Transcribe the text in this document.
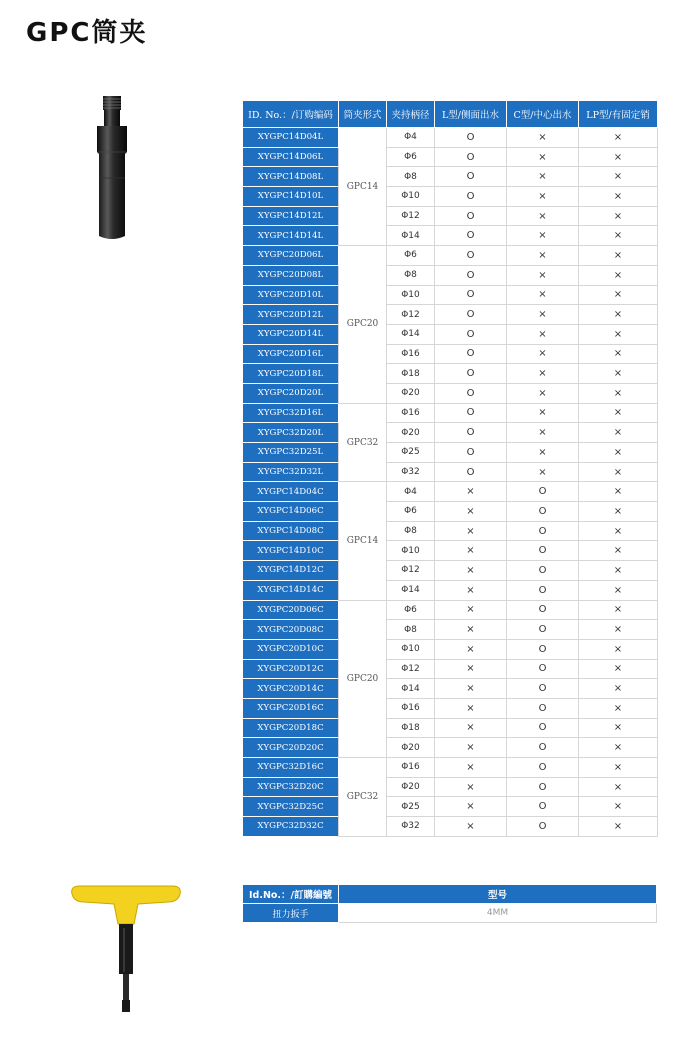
GPC筒夹
ID. No.：/订购编码	筒夹形式	夹持柄径	L型/侧面出水	C型/中心出水	LP型/有固定销
XYGPC14D04L	GPC14	Φ4	O	×	×
XYGPC14D06L		Φ6	O	×	×
XYGPC14D08L		Φ8	O	×	×
XYGPC14D10L		Φ10	O	×	×
XYGPC14D12L		Φ12	O	×	×
XYGPC14D14L		Φ14	O	×	×
XYGPC20D06L	GPC20	Φ6	O	×	×
XYGPC20D08L		Φ8	O	×	×
XYGPC20D10L		Φ10	O	×	×
XYGPC20D12L		Φ12	O	×	×
XYGPC20D14L		Φ14	O	×	×
XYGPC20D16L		Φ16	O	×	×
XYGPC20D18L		Φ18	O	×	×
XYGPC20D20L		Φ20	O	×	×
XYGPC32D16L	GPC32	Φ16	O	×	×
XYGPC32D20L		Φ20	O	×	×
XYGPC32D25L		Φ25	O	×	×
XYGPC32D32L		Φ32	O	×	×
XYGPC14D04C	GPC14	Φ4	×	O	×
XYGPC14D06C		Φ6	×	O	×
XYGPC14D08C		Φ8	×	O	×
XYGPC14D10C		Φ10	×	O	×
XYGPC14D12C		Φ12	×	O	×
XYGPC14D14C		Φ14	×	O	×
XYGPC20D06C	GPC20	Φ6	×	O	×
XYGPC20D08C		Φ8	×	O	×
XYGPC20D10C		Φ10	×	O	×
XYGPC20D12C		Φ12	×	O	×
XYGPC20D14C		Φ14	×	O	×
XYGPC20D16C		Φ16	×	O	×
XYGPC20D18C		Φ18	×	O	×
XYGPC20D20C		Φ20	×	O	×
XYGPC32D16C	GPC32	Φ16	×	O	×
XYGPC32D20C		Φ20	×	O	×
XYGPC32D25C		Φ25	×	O	×
XYGPC32D32C		Φ32	×	O	×
Id.No.：/訂購編號	型号
扭力扳手	4MM
